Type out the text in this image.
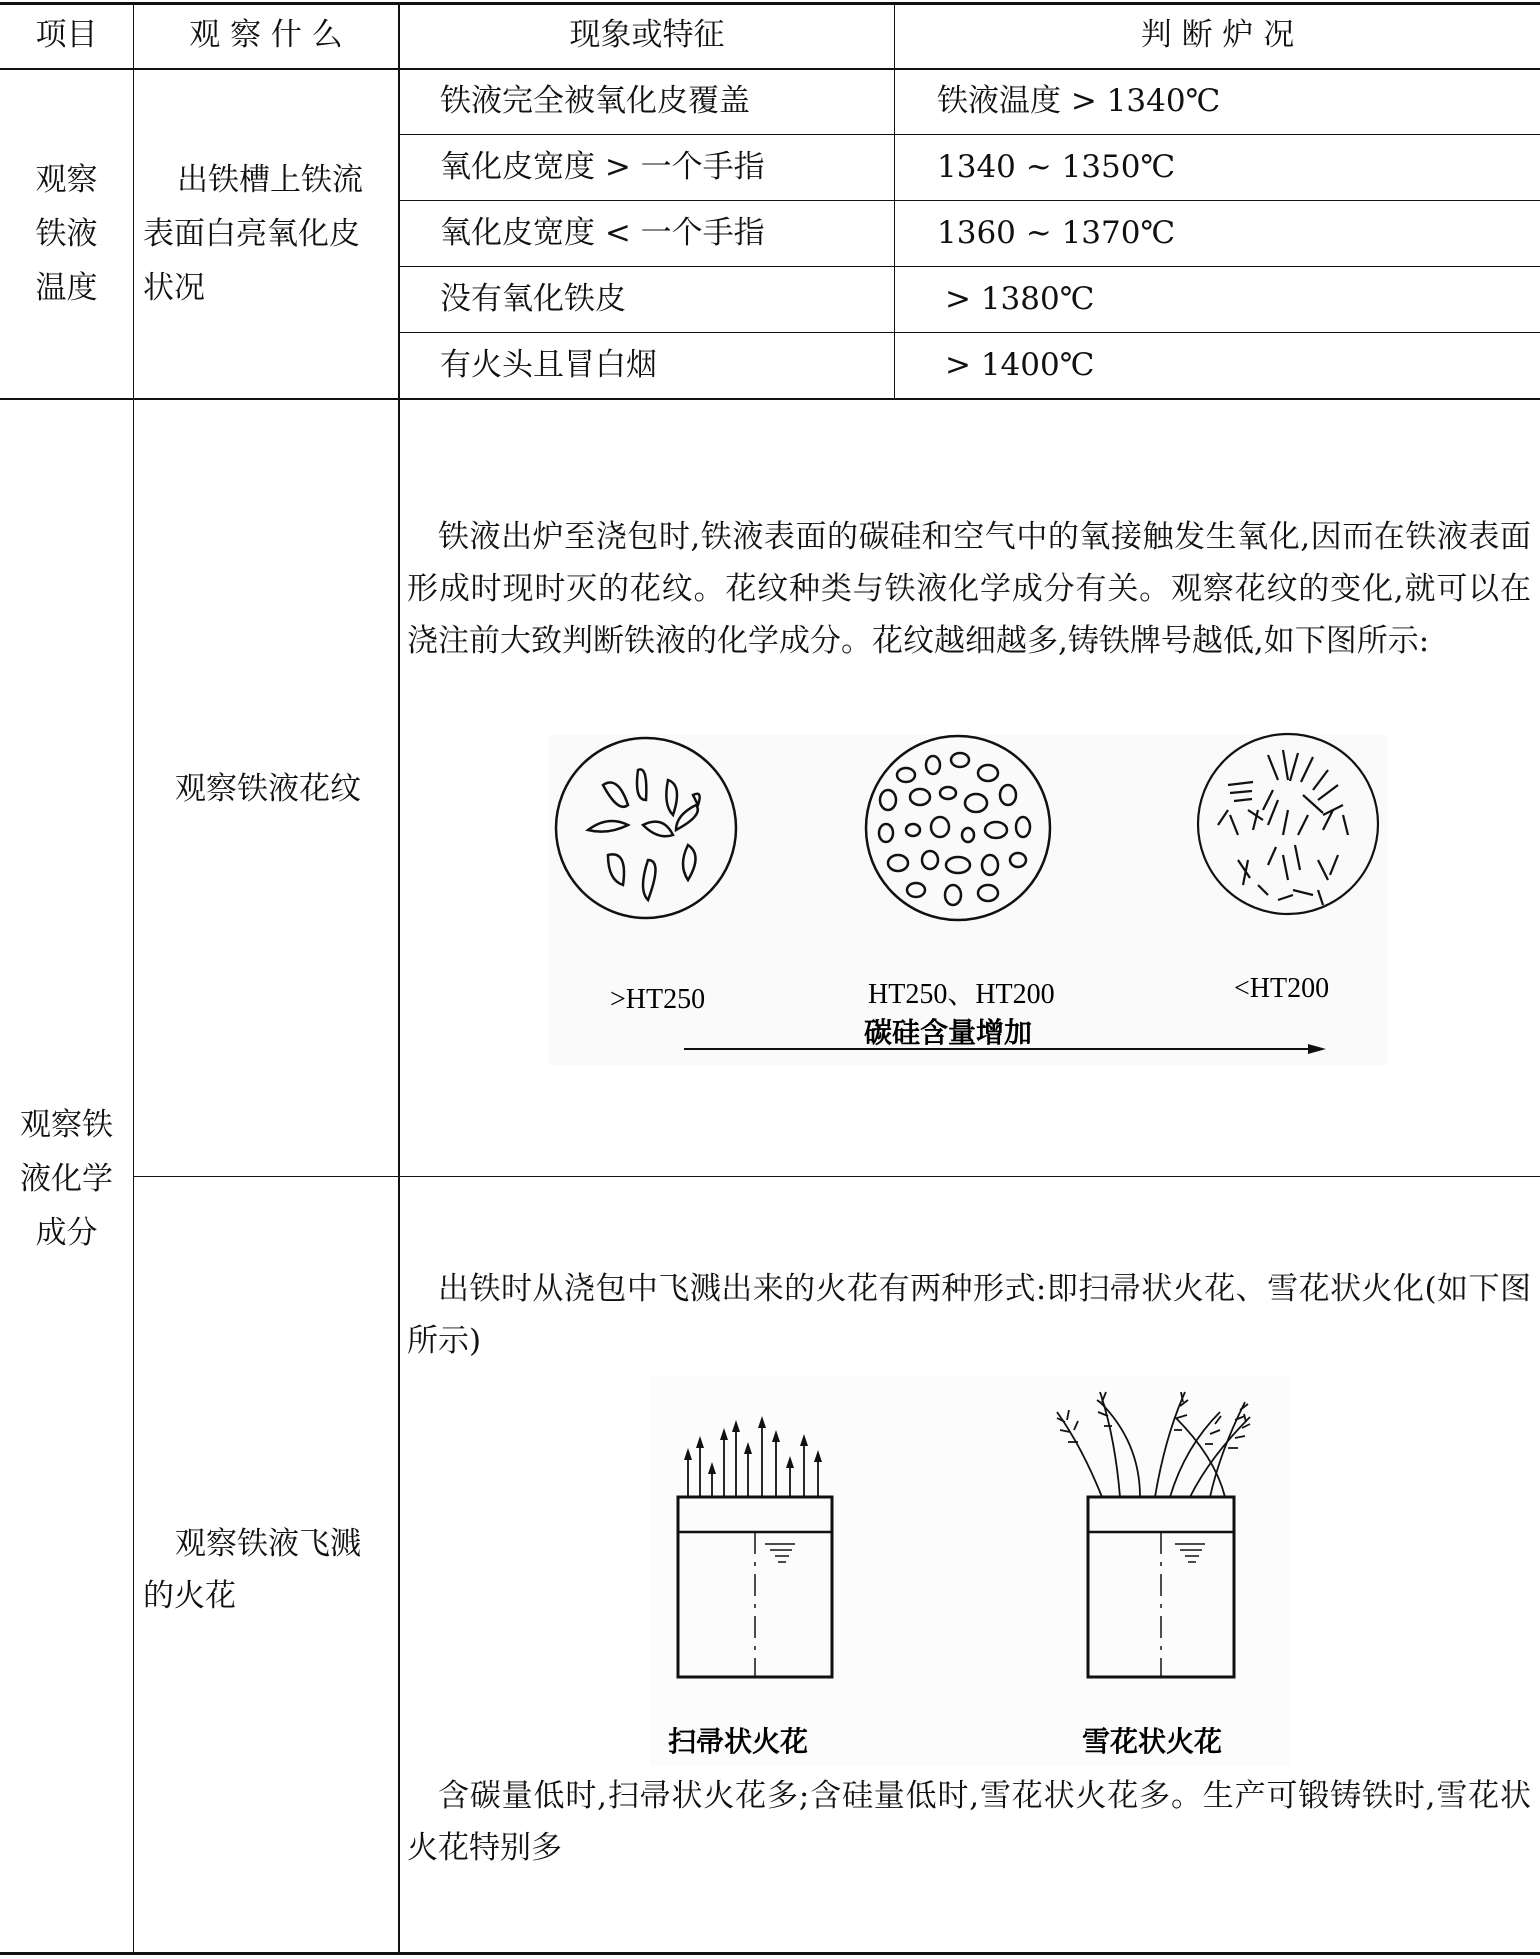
项目	观 察 什 么	现象或特征	判 断 炉 况
观察
铁液
温度
出铁槽上铁流
表面白亮氧化皮
状况
铁液完全被氧化皮覆盖	铁液温度 > 1340℃
氧化皮宽度 > 一个手指	1340 ~ 1350℃
氧化皮宽度 < 一个手指	1360 ~ 1370℃
没有氧化铁皮	> 1380℃
有火头且冒白烟	> 1400℃
观察铁
液化学
成分
观察铁液花纹
铁液出炉至浇包时,铁液表面的碳硅和空气中的氧接触发生氧化,因而在铁液表面形成时现时灭的花纹。花纹种类与铁液化学成分有关。观察花纹的变化,就可以在浇注前大致判断铁液的化学成分。花纹越细越多,铸铁牌号越低,如下图所示:
>HT250	HT250、HT200	<HT200
碳硅含量增加
观察铁液飞溅
的火花
出铁时从浇包中飞溅出来的火花有两种形式:即扫帚状火花、雪花状火化(如下图所示)
扫帚状火花	雪花状火花
含碳量低时,扫帚状火花多;含硅量低时,雪花状火花多。生产可锻铸铁时,雪花状火花特别多
